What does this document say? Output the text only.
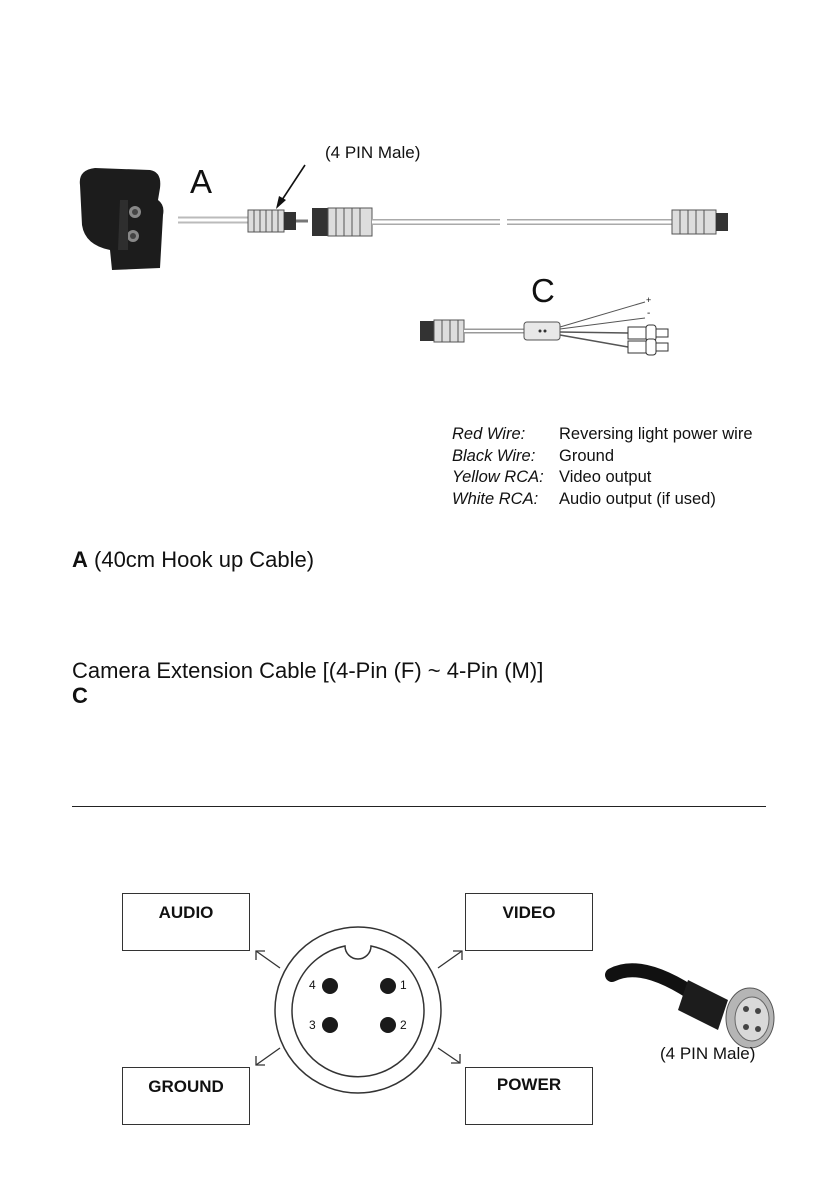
A
(4 PIN Male)
C	+
-
Red Wire:	Reversing light power wire
Black Wire:	Ground
Yellow RCA: Video output
White RCA:	Audio output (if used)
A (40cm Hook up Cable)
Camera Extension Cable [(4-Pin (F) ~ 4-Pin (M)]
C
AUDIO	VIDEO
GROUND	POWER
1
2
3
4
(4 PIN Male)
